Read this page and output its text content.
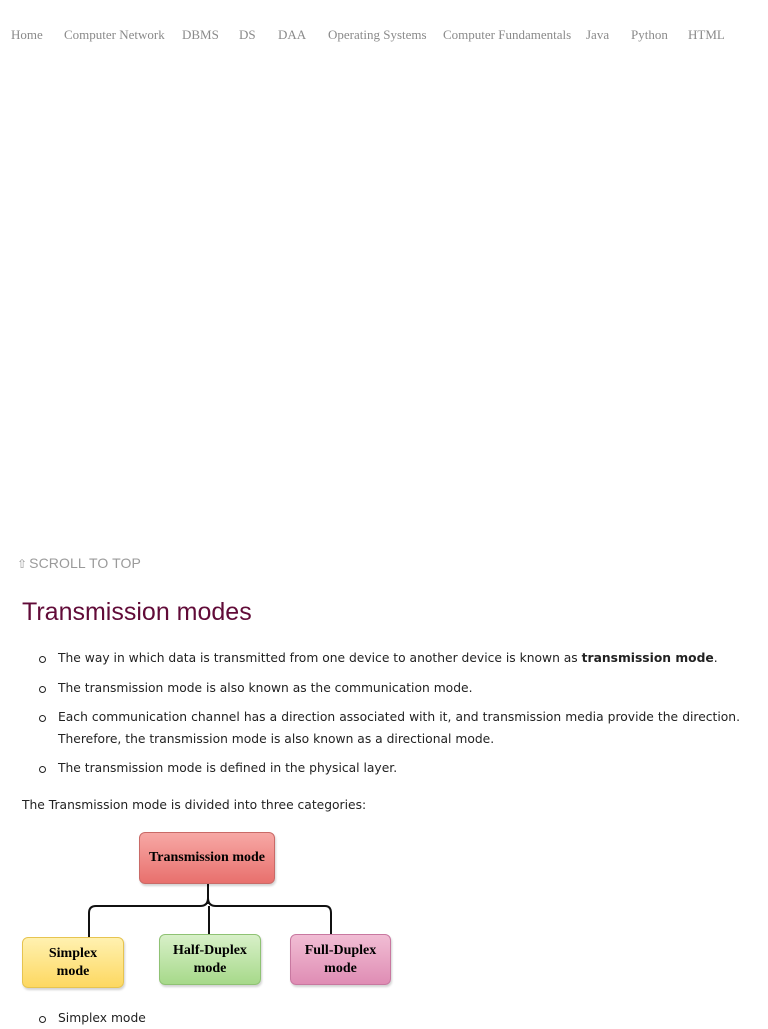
Home Computer Network DBMS DS DAA Operating Systems Computer Fundamentals Java Python HTML
⇧ SCROLL TO TOP
Transmission modes
The way in which data is transmitted from one device to another device is known as transmission mode.
The transmission mode is also known as the communication mode.
Each communication channel has a direction associated with it, and transmission media provide the direction. Therefore, the transmission mode is also known as a directional mode.
The transmission mode is defined in the physical layer.
The Transmission mode is divided into three categories:
Transmission mode
Simplex mode
Half-Duplex mode
Full-Duplex mode
Simplex mode
